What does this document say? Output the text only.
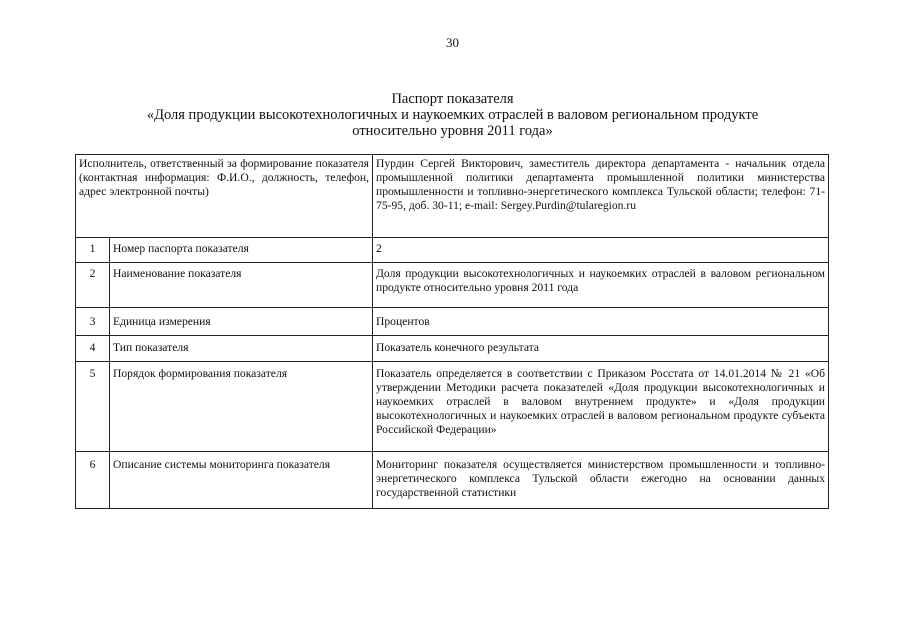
30
Паспорт показателя
«Доля продукции высокотехнологичных и наукоемких отраслей в валовом региональном продукте
относительно уровня 2011 года»
Исполнитель, ответственный за формирование показателя (контактная информация: Ф.И.О., должность, телефон, адрес электронной почты)		Пурдин Сергей Викторович, заместитель директора департамента - начальник отдела промышленной политики департамента промышленной политики министерства промышленности и топливно-энергетического комплекса Тульской области; телефон: 71-75-95, доб. 30-11; e-mail: Sergey.Purdin@tularegion.ru
1	Номер паспорта показателя	2
2	Наименование показателя	Доля продукции высокотехнологичных и наукоемких отраслей в валовом региональном продукте относительно уровня 2011 года
3	Единица измерения	Процентов
4	Тип показателя	Показатель конечного результата
5	Порядок формирования показателя	Показатель определяется в соответствии с Приказом Росстата от 14.01.2014 № 21 «Об утверждении Методики расчета показателей «Доля продукции высокотехнологичных и наукоемких отраслей в валовом внутреннем продукте» и «Доля продукции высокотехнологичных и наукоемких отраслей в валовом региональном продукте субъекта Российской Федерации»
6	Описание системы мониторинга показателя	Мониторинг показателя осуществляется министерством промышленности и топливно-энергетического комплекса Тульской области ежегодно на основании данных государственной статистики
